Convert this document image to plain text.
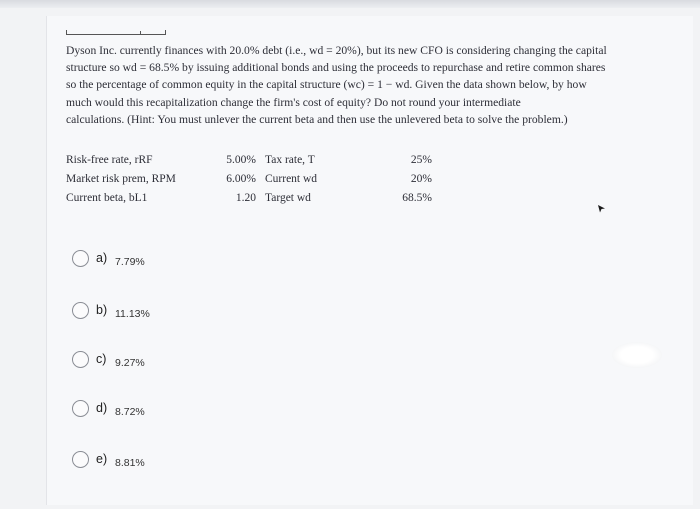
Dyson Inc. currently finances with 20.0% debt (i.e., wd = 20%), but its new CFO is considering changing the capital
structure so wd = 68.5% by issuing additional bonds and using the proceeds to repurchase and retire common shares
so the percentage of common equity in the capital structure (wc) = 1 − wd. Given the data shown below, by how
much would this recapitalization change the firm's cost of equity? Do not round your intermediate
calculations. (Hint: You must unlever the current beta and then use the unlevered beta to solve the problem.)
Risk-free rate, rRF
Market risk prem, RPM
Current beta, bL1
5.00%
6.00%
1.20
Tax rate, T
Current wd
Target wd
25%
20%
68.5%
a) 7.79%
b) 11.13%
c) 9.27%
d) 8.72%
e) 8.81%
